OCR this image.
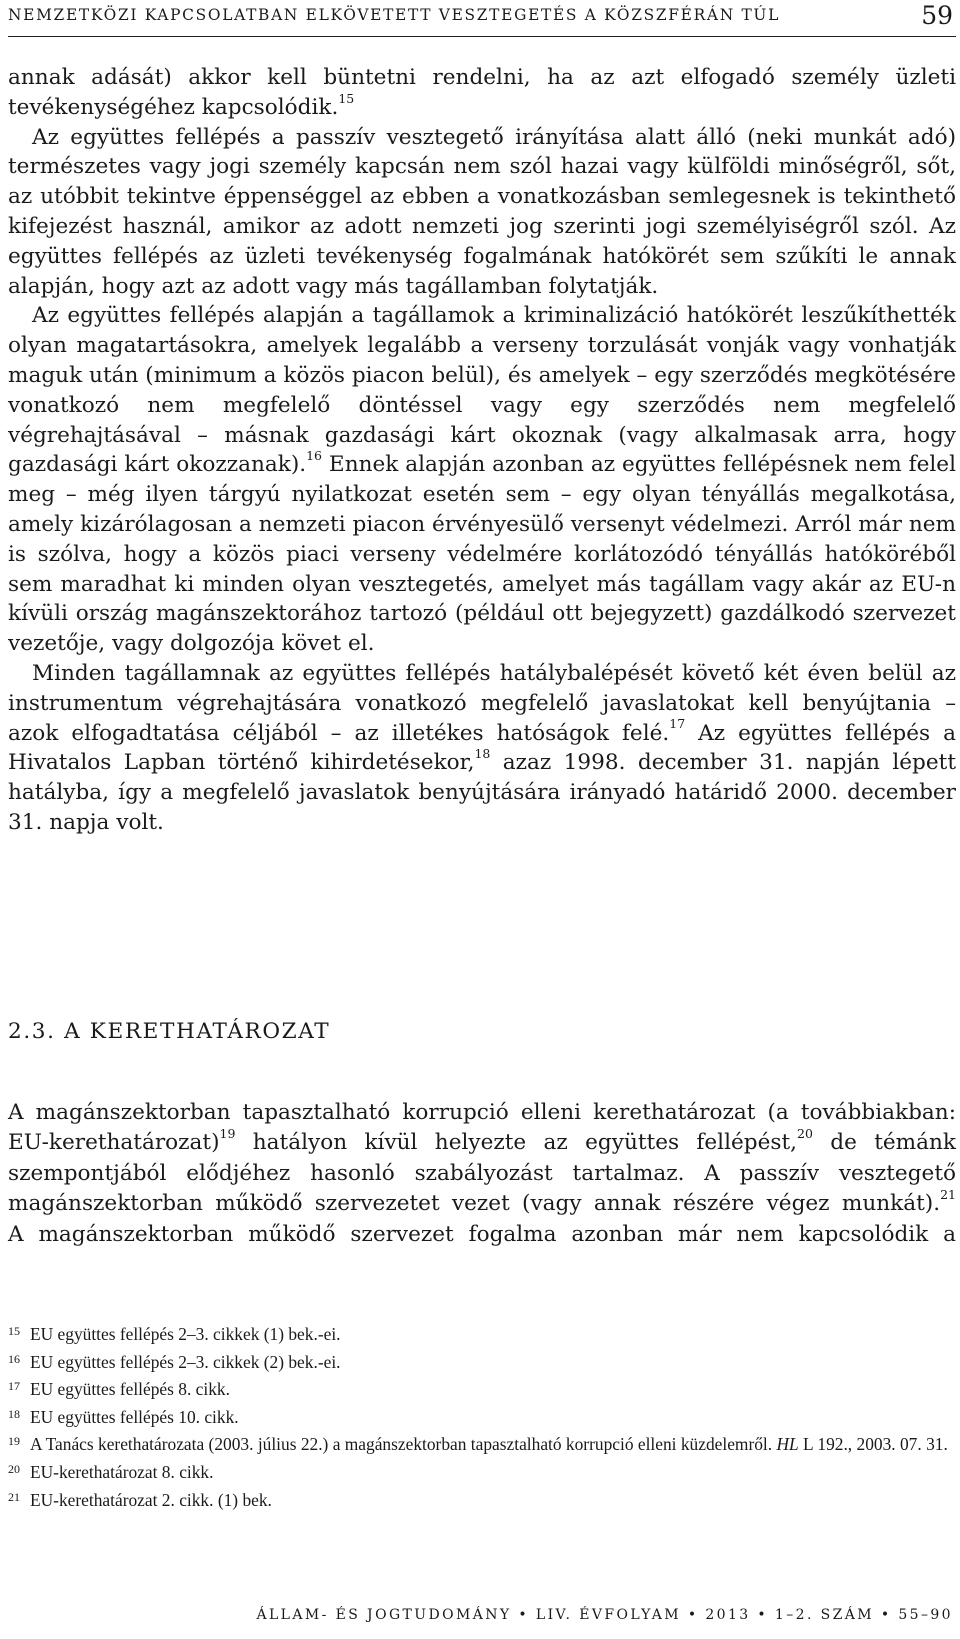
NEMZETKÖZI KAPCSOLATBAN ELKÖVETETT VESZTEGETÉS A KÖZSZFÉRÁN TÚL	59

annak adását) akkor kell büntetni rendelni, ha az azt elfogadó személy üzleti tevékenységéhez kapcsolódik.$^{15}$

Az együttes fellépés a passzív vesztegető irányítása alatt álló (neki munkát adó) természetes vagy jogi személy kapcsán nem szól hazai vagy külföldi minőségről, sőt, az utóbbit tekintve éppenséggel az ebben a vonatkozásban semlegesnek is tekinthető kifejezést használ, amikor az adott nemzeti jog szerinti jogi személyiségről szól. Az együttes fellépés az üzleti tevékenység fogalmának hatókörét sem szűkíti le annak alapján, hogy azt az adott vagy más tagállamban folytatják.

Az együttes fellépés alapján a tagállamok a kriminalizáció hatókörét leszűkíthették olyan magatartásokra, amelyek legalább a verseny torzulását vonják vagy vonhatják maguk után (minimum a közös piacon belül), és amelyek – egy szerződés megkötésére vonatkozó nem megfelelő döntéssel vagy egy szerződés nem megfelelő végrehajtásával – másnak gazdasági kárt okoznak (vagy alkalmasak arra, hogy gazdasági kárt okozzanak).$^{16}$ Ennek alapján azonban az együttes fellépésnek nem felel meg – még ilyen tárgyú nyilatkozat esetén sem – egy olyan tényállás megalkotása, amely kizárólagosan a nemzeti piacon érvényesülő versenyt védelmezi. Arról már nem is szólva, hogy a közös piaci verseny védelmére korlátozódó tényállás hatóköréből sem maradhat ki minden olyan vesztegetés, amelyet más tagállam vagy akár az EU-n kívüli ország magánszektorához tartozó (például ott bejegyzett) gazdálkodó szervezet vezetője, vagy dolgozója követ el.

Minden tagállamnak az együttes fellépés hatálybalépését követő két éven belül az instrumentum végrehajtására vonatkozó megfelelő javaslatokat kell benyújtania – azok elfogadtatása céljából – az illetékes hatóságok felé.$^{17}$ Az együttes fellépés a Hivatalos Lapban történő kihirdetésekor,$^{18}$ azaz 1998. december 31. napján lépett hatályba, így a megfelelő javaslatok benyújtására irányadó határidő 2000. december 31. napja volt.

2.3. A KERETHATÁROZAT

A magánszektorban tapasztalható korrupció elleni kerethatározat (a továbbiakban:

EU-kerethatározat)$^{19}$ hatályon kívül helyezte az együttes fellépést,$^{20}$ de témánk

szempontjából elődjéhez hasonló szabályozást tartalmaz. A passzív vesztegető

magánszektorban működő szervezetet vezet (vagy annak részére végez munkát).$^{21}$

A magánszektorban működő szervezet fogalma azonban már nem kapcsolódik a

15 EU együttes fellépés 2–3. cikkek (1) bek.-ei.
16 EU együttes fellépés 2–3. cikkek (2) bek.-ei.
17 EU együttes fellépés 8. cikk.
18 EU együttes fellépés 10. cikk.
19 A Tanács kerethatározata (2003. július 22.) a magánszektorban tapasztalható korrupció elleni küzdelemről. HL L 192., 2003. 07. 31.
20 EU-kerethatározat 8. cikk.
21 EU-kerethatározat 2. cikk. (1) bek.
ÁLLAM- ÉS JOGTUDOMÁNY • LIV. ÉVFOLYAM • 2013 • 1–2. SZÁM • 55–90
